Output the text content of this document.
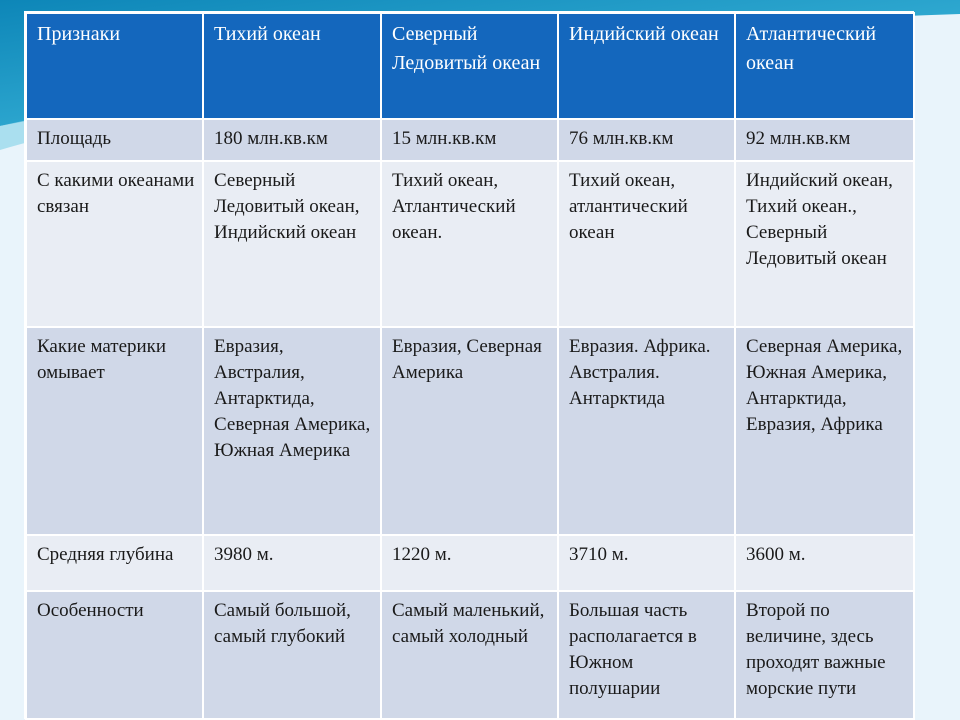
Признаки	Тихий океан	Северный Ледовитый океан	Индийский океан	Атлантический океан
Площадь	180 млн.кв.км	15 млн.кв.км	76 млн.кв.км	92 млн.кв.км
С какими океанами связан	Северный Ледовитый океан, Индийский океан	Тихий океан, Атлантический океан.	Тихий океан, атлантический океан	Индийский океан, Тихий океан., Северный Ледовитый океан
Какие материки омывает	Евразия, Австралия, Антарктида, Северная Америка, Южная Америка	Евразия, Северная Америка	Евразия. Африка. Австралия. Антарктида	Северная Америка, Южная Америка, Антарктида, Евразия, Африка
Средняя глубина	3980 м.	1220 м.	3710 м.	3600 м.
Особенности	Самый большой, самый глубокий	Самый маленький, самый холодный	Большая часть располагается в Южном полушарии	Второй по величине, здесь проходят важные морские пути
